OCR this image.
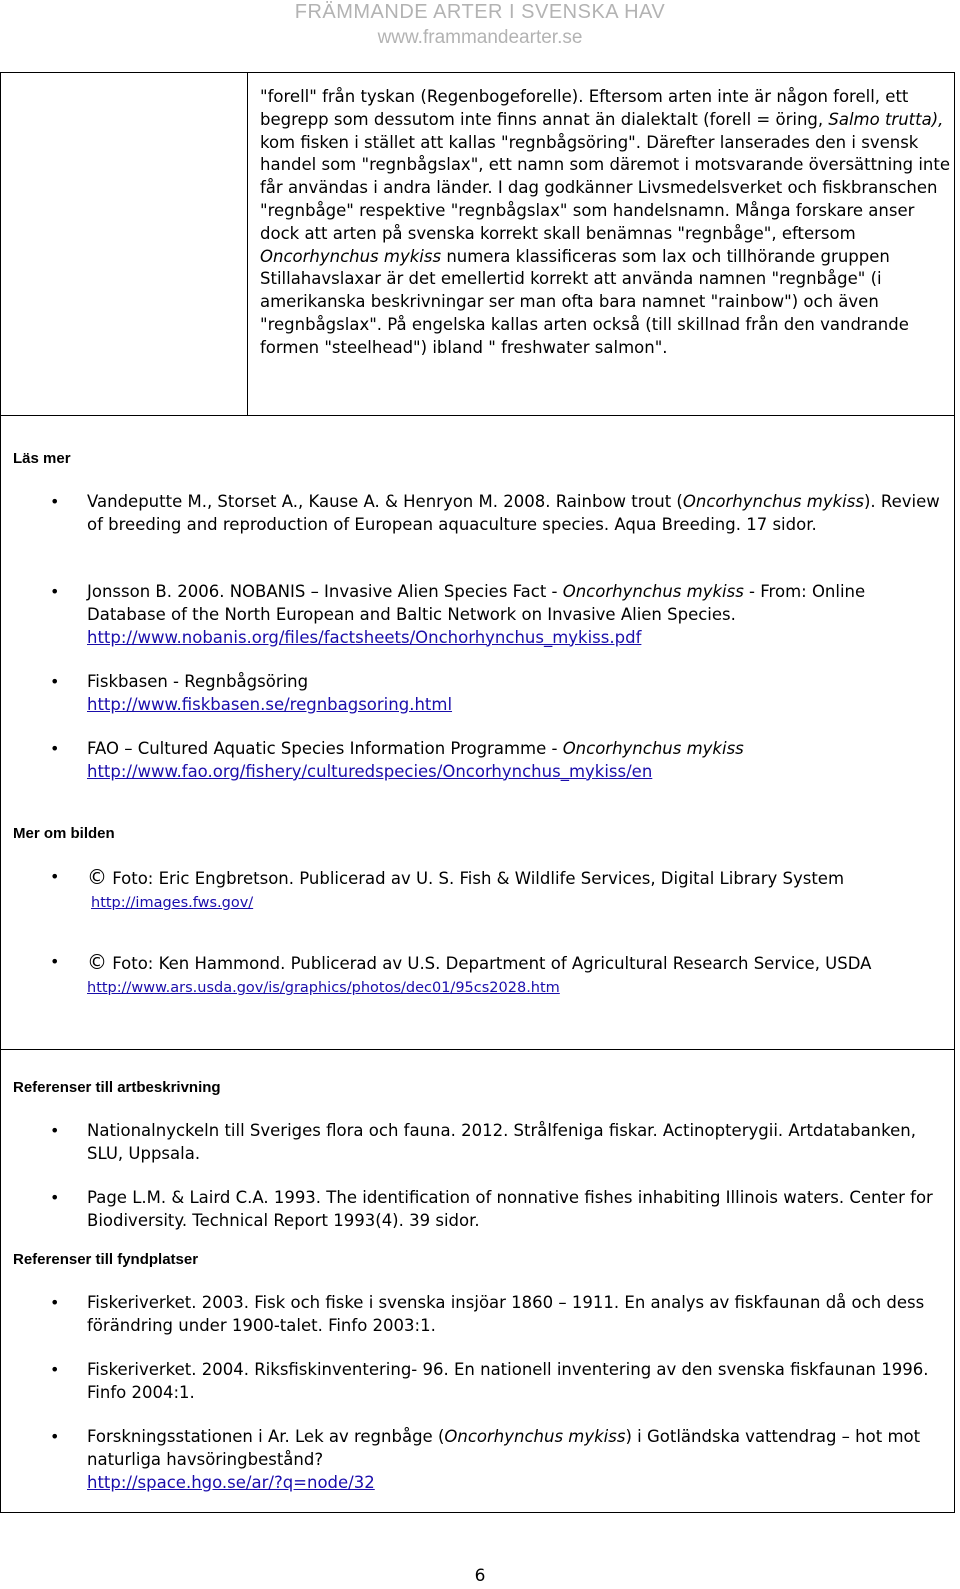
FRÄMMANDE ARTER I SVENSKA HAV
www.frammandearter.se
"forell" från tyskan (Regenbogeforelle). Eftersom arten inte är någon forell, ett begrepp som dessutom inte finns annat än dialektalt (forell = öring, Salmo trutta), kom fisken i stället att kallas "regnbågsöring". Därefter lanserades den i svensk handel som "regnbågslax", ett namn som däremot i motsvarande översättning inte får användas i andra länder. I dag godkänner Livsmedelsverket och fiskbranschen "regnbåge" respektive "regnbågslax" som handelsnamn. Många forskare anser dock att arten på svenska korrekt skall benämnas "regnbåge", eftersom Oncorhynchus mykiss numera klassificeras som lax och tillhörande gruppen Stillahavslaxar är det emellertid korrekt att använda namnen "regnbåge" (i amerikanska beskrivningar ser man ofta bara namnet "rainbow") och även "regnbågslax". På engelska kallas arten också (till skillnad från den vandrande formen "steelhead") ibland " freshwater salmon".
Läs mer
• Vandeputte M., Storset A., Kause A. & Henryon M. 2008. Rainbow trout (Oncorhynchus mykiss). Review of breeding and reproduction of European aquaculture species. Aqua Breeding. 17 sidor.
• Jonsson B. 2006. NOBANIS – Invasive Alien Species Fact - Oncorhynchus mykiss - From: Online Database of the North European and Baltic Network on Invasive Alien Species.
http://www.nobanis.org/files/factsheets/Onchorhynchus_mykiss.pdf
• Fiskbasen - Regnbågsöring
http://www.fiskbasen.se/regnbagsoring.html
• FAO – Cultured Aquatic Species Information Programme - Oncorhynchus mykiss
http://www.fao.org/fishery/culturedspecies/Oncorhynchus_mykiss/en
Mer om bilden
• © Foto: Eric Engbretson. Publicerad av U. S. Fish & Wildlife Services, Digital Library System
http://images.fws.gov/
• © Foto: Ken Hammond. Publicerad av U.S. Department of Agricultural Research Service, USDA
http://www.ars.usda.gov/is/graphics/photos/dec01/95cs2028.htm
Referenser till artbeskrivning
• Nationalnyckeln till Sveriges flora och fauna. 2012. Strålfeniga fiskar. Actinopterygii. Artdatabanken, SLU, Uppsala.
• Page L.M. & Laird C.A. 1993. The identification of nonnative fishes inhabiting Illinois waters. Center for Biodiversity. Technical Report 1993(4). 39 sidor.
Referenser till fyndplatser
• Fiskeriverket. 2003. Fisk och fiske i svenska insjöar 1860 – 1911. En analys av fiskfaunan då och dess förändring under 1900-talet. Finfo 2003:1.
• Fiskeriverket. 2004. Riksfiskinventering- 96. En nationell inventering av den svenska fiskfaunan 1996. Finfo 2004:1.
• Forskningsstationen i Ar. Lek av regnbåge (Oncorhynchus mykiss) i Gotländska vattendrag – hot mot naturliga havsöringbestånd?
http://space.hgo.se/ar/?q=node/32
6
